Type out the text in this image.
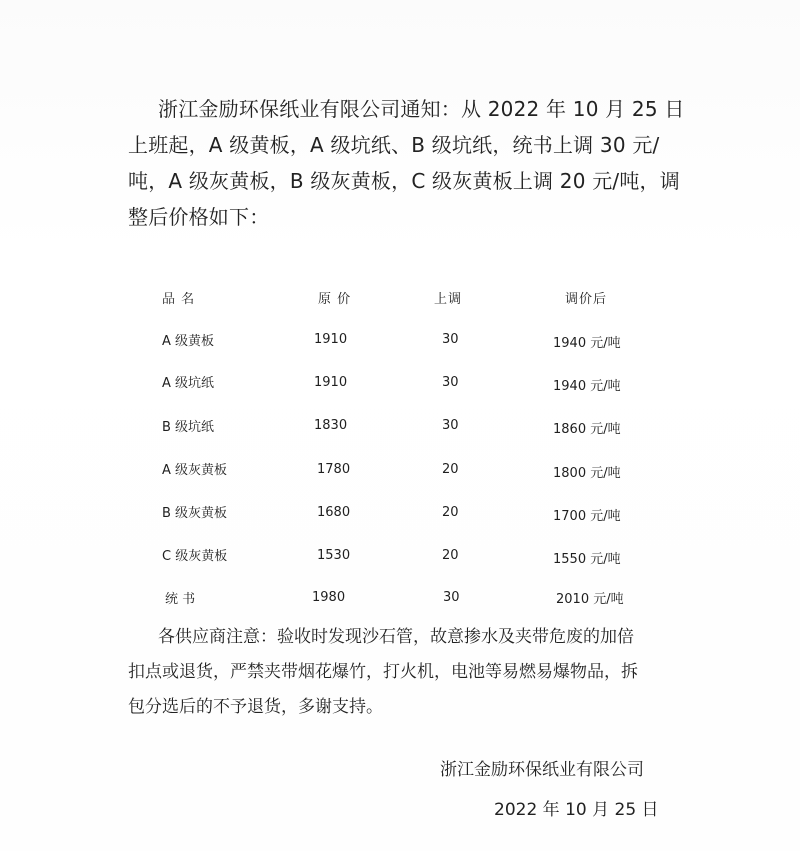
浙江金励环保纸业有限公司通知：从 2022 年 10 月 25 日
上班起，A 级黄板，A 级坑纸、B 级坑纸，统书上调 30 元/
吨，A 级灰黄板，B 级灰黄板，C 级灰黄板上调 20 元/吨，调
整后价格如下：
品 名	原 价	上调	调价后
A 级黄板	1910	30	1940 元/吨
A 级坑纸	1910	30	1940 元/吨
B 级坑纸	1830	30	1860 元/吨
A 级灰黄板	1780	20	1800 元/吨
B 级灰黄板	1680	20	1700 元/吨
C 级灰黄板	1530	20	1550 元/吨
统 书	1980	30	2010 元/吨
各供应商注意：验收时发现沙石管，故意掺水及夹带危废的加倍
扣点或退货，严禁夹带烟花爆竹，打火机，电池等易燃易爆物品，拆
包分选后的不予退货，多谢支持。
浙江金励环保纸业有限公司
2022 年 10 月 25 日
